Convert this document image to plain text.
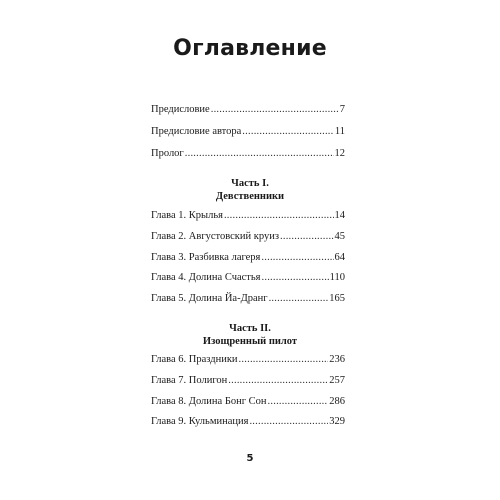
Оглавление
Предисловие . . .	7
Предисловие автора . . .	11
Пролог . . .	12
Часть I.
Девственники
Глава 1. Крылья . . .	14
Глава 2. Августовский круиз . . .	45
Глава 3. Разбивка лагеря . . .	64
Глава 4. Долина Счастья . . .	110
Глава 5. Долина Йа-Дранг . . .	165
Часть II.
Изощренный пилот
Глава 6. Праздники . . .	236
Глава 7. Полигон . . .	257
Глава 8. Долина Бонг Сон . . .	286
Глава 9. Кульминация . . .	329
5
